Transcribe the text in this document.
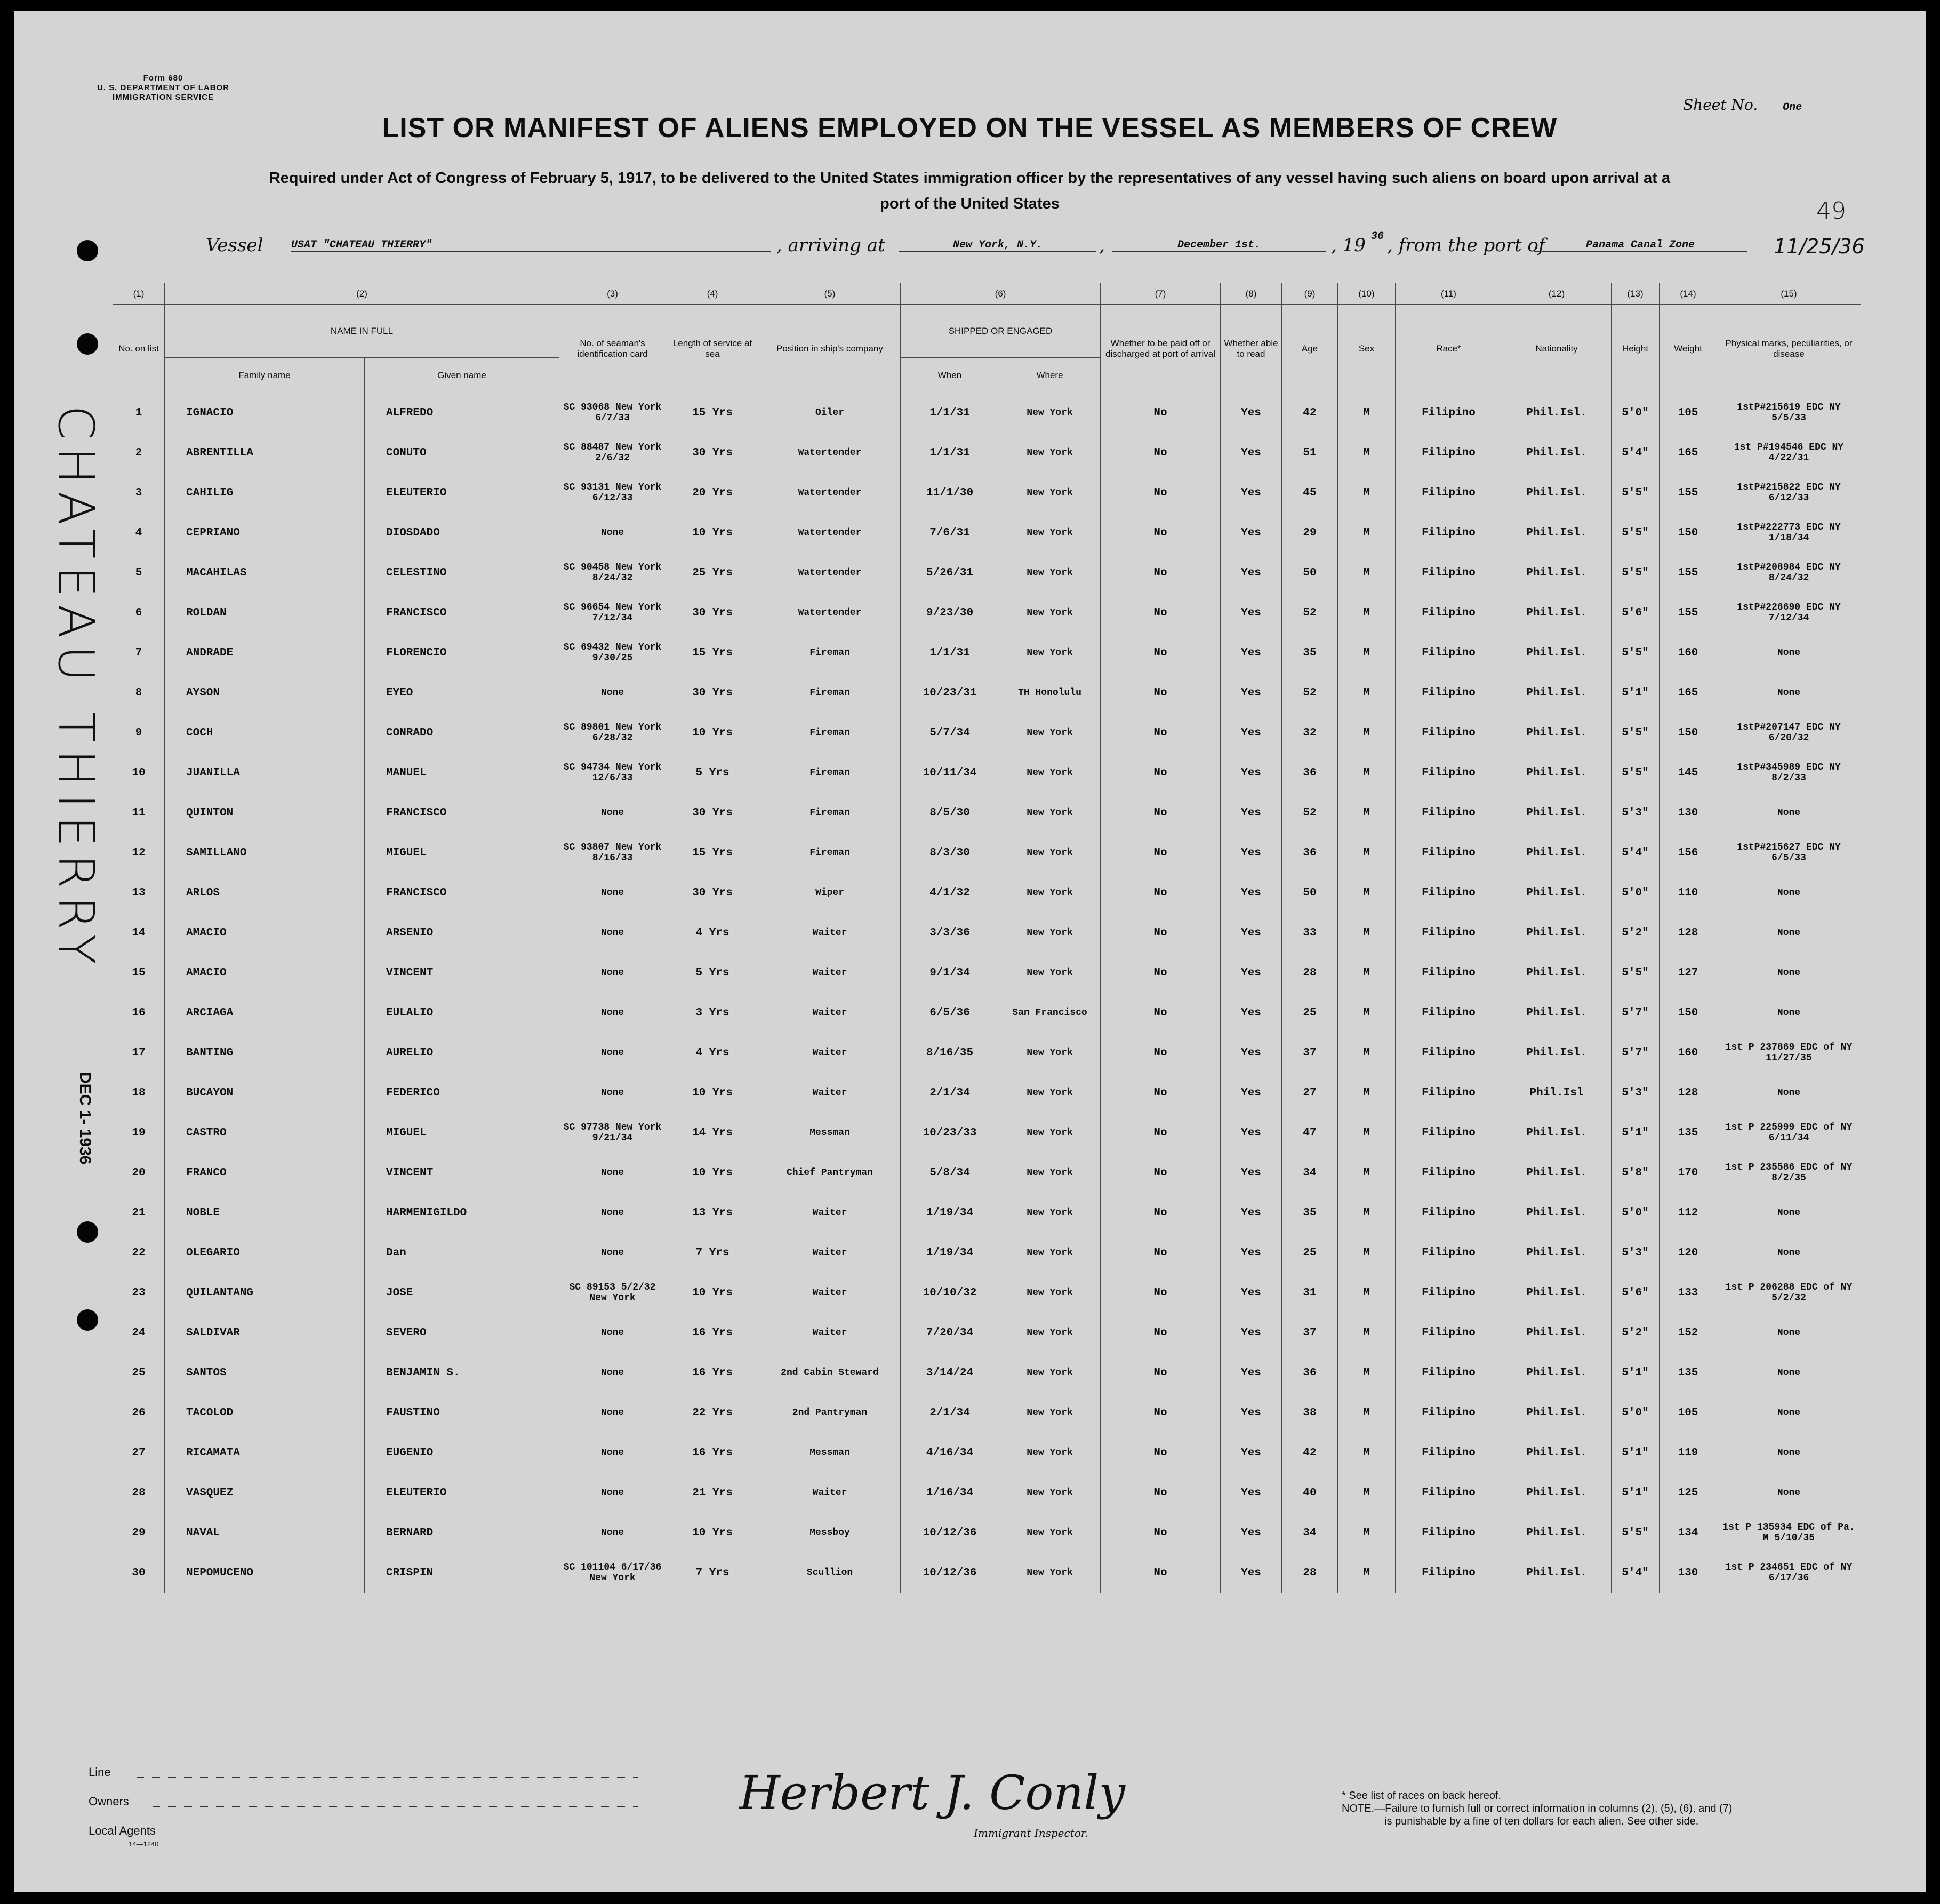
Form 680
U. S. DEPARTMENT OF LABOR
IMMIGRATION SERVICE	Sheet No. One
LIST OR MANIFEST OF ALIENS EMPLOYED ON THE VESSEL AS MEMBERS OF CREW
Required under Act of Congress of February 5, 1917, to be delivered to the United States immigration officer by the representatives of any vessel having such aliens on board upon arrival at a
port of the United States	49
Vessel	USAT "CHATEAU THIERRY"	, arriving at	New York, N.Y.	,	December 1st.	, 19 36 , from the port of	Panama Canal Zone	11/25/36
(1)	(2)		(3)	(4)	(5)	(6)		(7)	(8)	(9)	(10)	(11)	(12)	(13)	(14)	(15)
No. on list	NAME IN FULL		No. of seaman's identification card	Length of service at sea	Position in ship's company	SHIPPED OR ENGAGED		Whether to be paid off or discharged at port of arrival	Whether able to read	Age	Sex	Race*	Nationality	Height	Weight	Physical marks, peculiarities, or disease
	Family name	Given name				When	Where									
1	IGNACIO	ALFREDO	SC 93068 New York 6/7/33	15 Yrs	Oiler	1/1/31	New York	No	Yes	42	M	Filipino	Phil.Isl.	5'0"	105	1stP#215619 EDC NY 5/5/33
2	ABRENTILLA	CONUTO	SC 88487 New York 2/6/32	30 Yrs	Watertender	1/1/31	New York	No	Yes	51	M	Filipino	Phil.Isl.	5'4"	165	1st P#194546 EDC NY 4/22/31
3	CAHILIG	ELEUTERIO	SC 93131 New York 6/12/33	20 Yrs	Watertender	11/1/30	New York	No	Yes	45	M	Filipino	Phil.Isl.	5'5"	155	1stP#215822 EDC NY 6/12/33
4	CEPRIANO	DIOSDADO	None	10 Yrs	Watertender	7/6/31	New York	No	Yes	29	M	Filipino	Phil.Isl.	5'5"	150	1stP#222773 EDC NY 1/18/34
5	MACAHILAS	CELESTINO	SC 90458 New York 8/24/32	25 Yrs	Watertender	5/26/31	New York	No	Yes	50	M	Filipino	Phil.Isl.	5'5"	155	1stP#208984 EDC NY 8/24/32
6	ROLDAN	FRANCISCO	SC 96654 New York 7/12/34	30 Yrs	Watertender	9/23/30	New York	No	Yes	52	M	Filipino	Phil.Isl.	5'6"	155	1stP#226690 EDC NY 7/12/34
7	ANDRADE	FLORENCIO	SC 69432 New York 9/30/25	15 Yrs	Fireman	1/1/31	New York	No	Yes	35	M	Filipino	Phil.Isl.	5'5"	160	None
8	AYSON	EYEO	None	30 Yrs	Fireman	10/23/31	TH Honolulu	No	Yes	52	M	Filipino	Phil.Isl.	5'1"	165	None
9	COCH	CONRADO	SC 89801 New York 6/28/32	10 Yrs	Fireman	5/7/34	New York	No	Yes	32	M	Filipino	Phil.Isl.	5'5"	150	1stP#207147 EDC NY 6/20/32
10	JUANILLA	MANUEL	SC 94734 New York 12/6/33	5 Yrs	Fireman	10/11/34	New York	No	Yes	36	M	Filipino	Phil.Isl.	5'5"	145	1stP#345989 EDC NY 8/2/33
11	QUINTON	FRANCISCO	None	30 Yrs	Fireman	8/5/30	New York	No	Yes	52	M	Filipino	Phil.Isl.	5'3"	130	None
12	SAMILLANO	MIGUEL	SC 93807 New York 8/16/33	15 Yrs	Fireman	8/3/30	New York	No	Yes	36	M	Filipino	Phil.Isl.	5'4"	156	1stP#215627 EDC NY 6/5/33
13	ARLOS	FRANCISCO	None	30 Yrs	Wiper	4/1/32	New York	No	Yes	50	M	Filipino	Phil.Isl.	5'0"	110	None
14	AMACIO	ARSENIO	None	4 Yrs	Waiter	3/3/36	New York	No	Yes	33	M	Filipino	Phil.Isl.	5'2"	128	None
15	AMACIO	VINCENT	None	5 Yrs	Waiter	9/1/34	New York	No	Yes	28	M	Filipino	Phil.Isl.	5'5"	127	None
16	ARCIAGA	EULALIO	None	3 Yrs	Waiter	6/5/36	San Francisco	No	Yes	25	M	Filipino	Phil.Isl.	5'7"	150	None
17	BANTING	AURELIO	None	4 Yrs	Waiter	8/16/35	New York	No	Yes	37	M	Filipino	Phil.Isl.	5'7"	160	1st P 237869 EDC of NY 11/27/35
18	BUCAYON	FEDERICO	None	10 Yrs	Waiter	2/1/34	New York	No	Yes	27	M	Filipino	Phil.Isl	5'3"	128	None
19	CASTRO	MIGUEL	SC 97738 New York 9/21/34	14 Yrs	Messman	10/23/33	New York	No	Yes	47	M	Filipino	Phil.Isl.	5'1"	135	1st P 225999 EDC of NY 6/11/34
20	FRANCO	VINCENT	None	10 Yrs	Chief Pantryman	5/8/34	New York	No	Yes	34	M	Filipino	Phil.Isl.	5'8"	170	1st P 235586 EDC of NY 8/2/35
21	NOBLE	HARMENIGILDO	None	13 Yrs	Waiter	1/19/34	New York	No	Yes	35	M	Filipino	Phil.Isl.	5'0"	112	None
22	OLEGARIO	Dan	None	7 Yrs	Waiter	1/19/34	New York	No	Yes	25	M	Filipino	Phil.Isl.	5'3"	120	None
23	QUILANTANG	JOSE	SC 89153 5/2/32 New York	10 Yrs	Waiter	10/10/32	New York	No	Yes	31	M	Filipino	Phil.Isl.	5'6"	133	1st P 206288 EDC of NY 5/2/32
24	SALDIVAR	SEVERO	None	16 Yrs	Waiter	7/20/34	New York	No	Yes	37	M	Filipino	Phil.Isl.	5'2"	152	None
25	SANTOS	BENJAMIN S.	None	16 Yrs	2nd Cabin Steward	3/14/24	New York	No	Yes	36	M	Filipino	Phil.Isl.	5'1"	135	None
26	TACOLOD	FAUSTINO	None	22 Yrs	2nd Pantryman	2/1/34	New York	No	Yes	38	M	Filipino	Phil.Isl.	5'0"	105	None
27	RICAMATA	EUGENIO	None	16 Yrs	Messman	4/16/34	New York	No	Yes	42	M	Filipino	Phil.Isl.	5'1"	119	None
28	VASQUEZ	ELEUTERIO	None	21 Yrs	Waiter	1/16/34	New York	No	Yes	40	M	Filipino	Phil.Isl.	5'1"	125	None
29	NAVAL	BERNARD	None	10 Yrs	Messboy	10/12/36	New York	No	Yes	34	M	Filipino	Phil.Isl.	5'5"	134	1st P 135934 EDC of Pa. M 5/10/35
30	NEPOMUCENO	CRISPIN	SC 101104 6/17/36 New York	7 Yrs	Scullion	10/12/36	New York	No	Yes	28	M	Filipino	Phil.Isl.	5'4"	130	1st P 234651 EDC of NY 6/17/36
CHATEAU THIERRY
DEC 1- 1936
Line
Owners
Local Agents
14—1240
Herbert J. Conly
Immigrant Inspector.
* See list of races on back hereof.
NOTE.—Failure to furnish full or correct information in columns (2), (5), (6), and (7)
is punishable by a fine of ten dollars for each alien. See other side.
